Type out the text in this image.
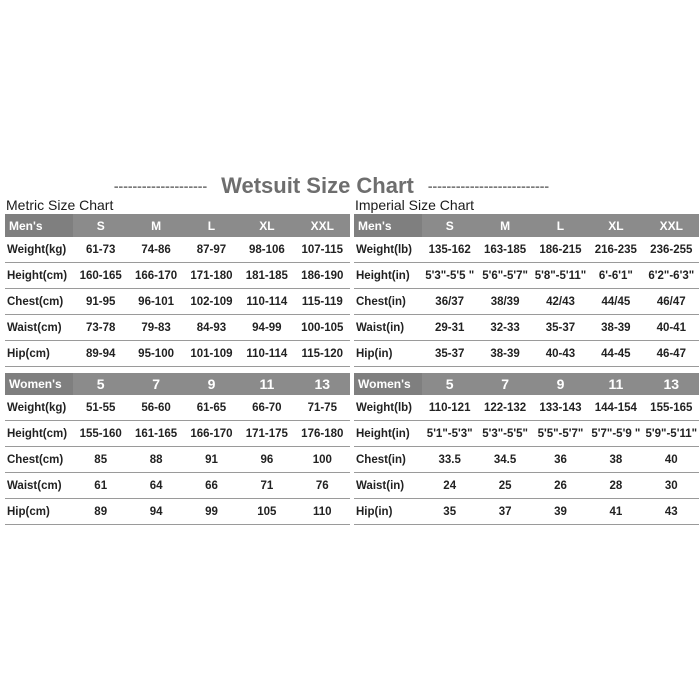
-------------------- Wetsuit Size Chart --------------------------
Metric Size Chart
Men's	S	M	L	XL	XXL
Weight(kg)	61-73	74-86	87-97	98-106	107-115
Height(cm)	160-165	166-170	171-180	181-185	186-190
Chest(cm)	91-95	96-101	102-109	110-114	115-119
Waist(cm)	73-78	79-83	84-93	94-99	100-105
Hip(cm)	89-94	95-100	101-109	110-114	115-120
Women's	5	7	9	11	13
Weight(kg)	51-55	56-60	61-65	66-70	71-75
Height(cm)	155-160	161-165	166-170	171-175	176-180
Chest(cm)	85	88	91	96	100
Waist(cm)	61	64	66	71	76
Hip(cm)	89	94	99	105	110
Imperial Size Chart
Men's	S	M	L	XL	XXL
Weight(lb)	135-162	163-185	186-215	216-235	236-255
Height(in)	5'3"-5'5 "	5'6"-5'7"	5'8"-5'11"	6'-6'1"	6'2"-6'3"
Chest(in)	36/37	38/39	42/43	44/45	46/47
Waist(in)	29-31	32-33	35-37	38-39	40-41
Hip(in)	35-37	38-39	40-43	44-45	46-47
Women's	5	7	9	11	13
Weight(lb)	110-121	122-132	133-143	144-154	155-165
Height(in)	5'1"-5'3"	5'3"-5'5"	5'5"-5'7"	5'7"-5'9 "	5'9"-5'11"
Chest(in)	33.5	34.5	36	38	40
Waist(in)	24	25	26	28	30
Hip(in)	35	37	39	41	43
